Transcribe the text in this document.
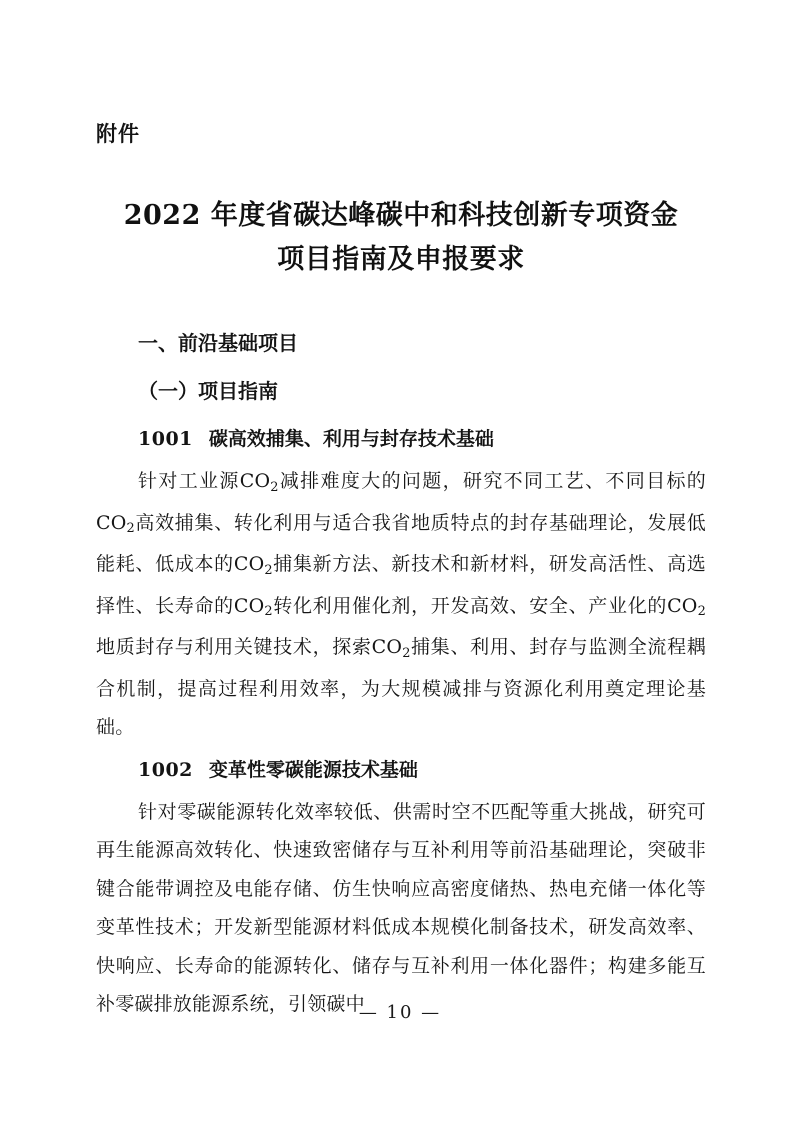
附件
2022 年度省碳达峰碳中和科技创新专项资金
项目指南及申报要求
一、前沿基础项目
（一）项目指南
1001 碳高效捕集、利用与封存技术基础

针对工业源$CO_2$减排难度大的问题，研究不同工艺、不同目标的$CO_2$高效捕集、转化利用与适合我省地质特点的封存基础理论，发展低能耗、低成本的$CO_2$捕集新方法、新技术和新材料，研发高活性、高选择性、长寿命的$CO_2$转化利用催化剂，开发高效、安全、产业化的$CO_2$地质封存与利用关键技术，探索$CO_2$捕集、利用、封存与监测全流程耦合机制，提高过程利用效率，为大规模减排与资源化利用奠定理论基础。

1002 变革性零碳能源技术基础

针对零碳能源转化效率较低、供需时空不匹配等重大挑战，研究可再生能源高效转化、快速致密储存与互补利用等前沿基础理论，突破非键合能带调控及电能存储、仿生快响应高密度储热、热电充储一体化等变革性技术；开发新型能源材料低成本规模化制备技术，研发高效率、快响应、长寿命的能源转化、储存与互补利用一体化器件；构建多能互补零碳排放能源系统，引领碳中

— 10 —
